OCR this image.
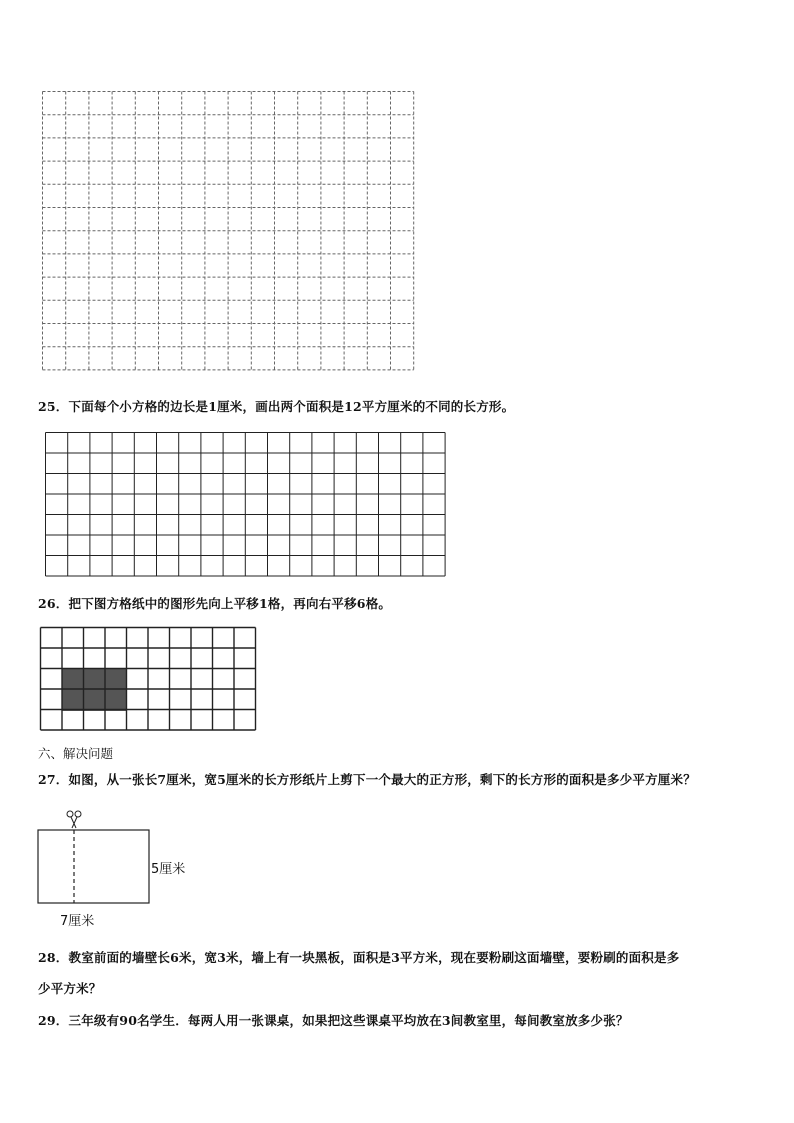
25．下面每个小方格的边长是1厘米，画出两个面积是12平方厘米的不同的长方形。
26．把下图方格纸中的图形先向上平移1格，再向右平移6格。
六、解决问题
27．如图，从一张长7厘米，宽5厘米的长方形纸片上剪下一个最大的正方形，剩下的长方形的面积是多少平方厘米？
5厘米
7厘米
28．教室前面的墙壁长6米，宽3米，墙上有一块黑板，面积是3平方米，现在要粉刷这面墙壁，要粉刷的面积是多
少平方米？
29．三年级有90名学生．每两人用一张课桌，如果把这些课桌平均放在3间教室里，每间教室放多少张？
